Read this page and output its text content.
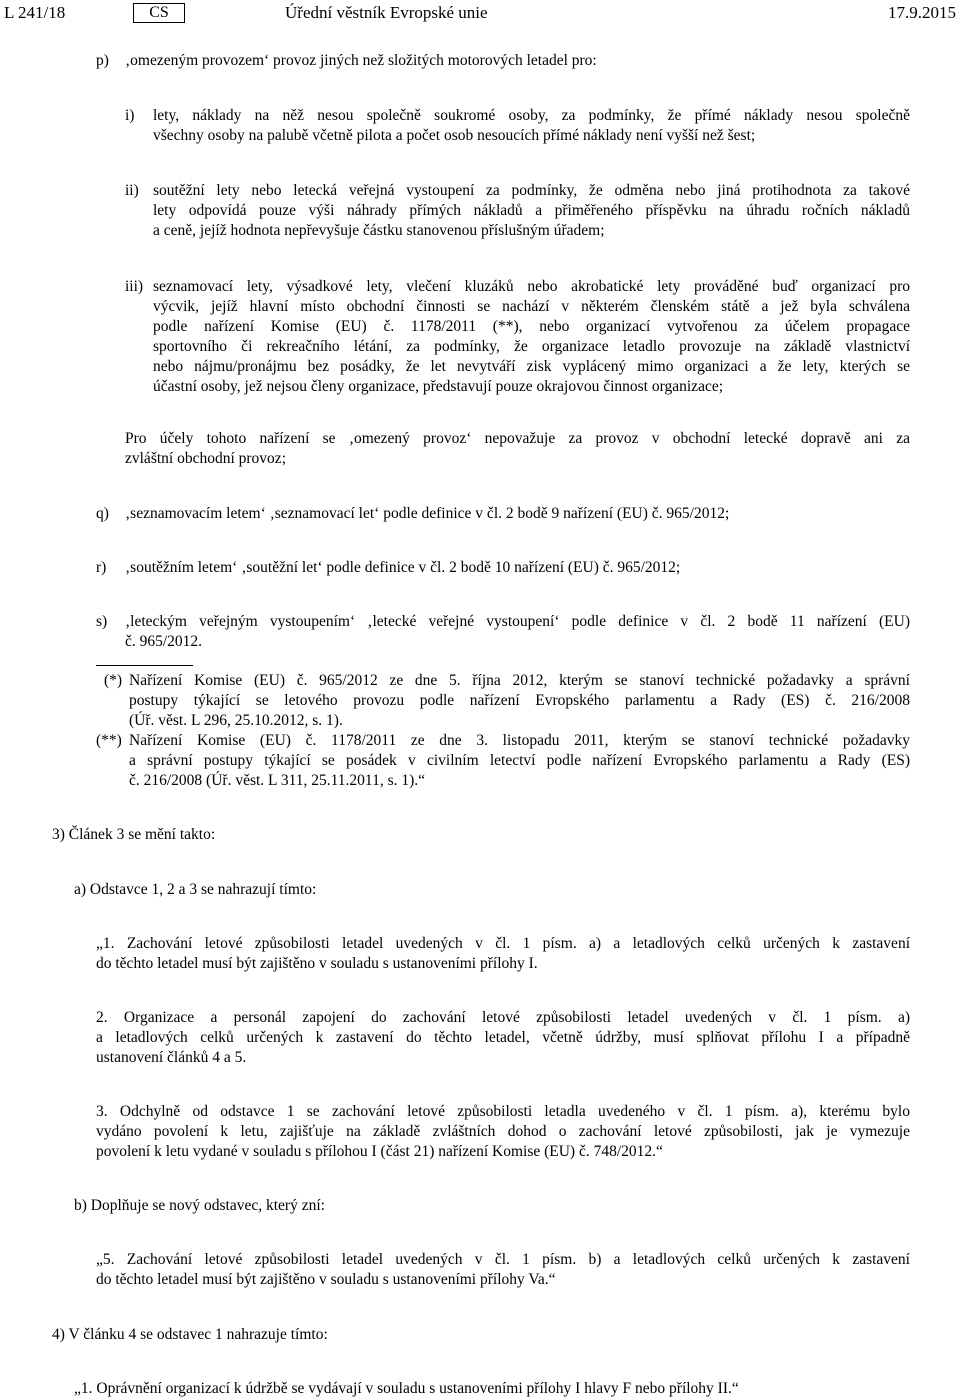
L 241/18	CS	Úřední věstník Evropské unie	17.9.2015
p) ‚omezeným provozem‘ provoz jiných než složitých motorových letadel pro:
i) lety, náklady na něž nesou společně soukromé osoby, za podmínky, že přímé náklady nesou společně
všechny osoby na palubě včetně pilota a počet osob nesoucích přímé náklady není vyšší než šest;
ii) soutěžní lety nebo letecká veřejná vystoupení za podmínky, že odměna nebo jiná protihodnota za takové
lety odpovídá pouze výši náhrady přímých nákladů a přiměřeného příspěvku na úhradu ročních nákladů
a ceně, jejíž hodnota nepřevyšuje částku stanovenou příslušným úřadem;
iii) seznamovací lety, výsadkové lety, vlečení kluzáků nebo akrobatické lety prováděné buď organizací pro
výcvik, jejíž hlavní místo obchodní činnosti se nachází v některém členském státě a jež byla schválena
podle nařízení Komise (EU) č. 1178/2011 (**), nebo organizací vytvořenou za účelem propagace
sportovního či rekreačního létání, za podmínky, že organizace letadlo provozuje na základě vlastnictví
nebo nájmu/pronájmu bez posádky, že let nevytváří zisk vyplácený mimo organizaci a že lety, kterých se
účastní osoby, jež nejsou členy organizace, představují pouze okrajovou činnost organizace;
Pro účely tohoto nařízení se ‚omezený provoz‘ nepovažuje za provoz v obchodní letecké dopravě ani za
zvláštní obchodní provoz;
q) ‚seznamovacím letem‘ ‚seznamovací let‘ podle definice v čl. 2 bodě 9 nařízení (EU) č. 965/2012;
r) ‚soutěžním letem‘ ‚soutěžní let‘ podle definice v čl. 2 bodě 10 nařízení (EU) č. 965/2012;
s) ‚leteckým veřejným vystoupením‘ ‚letecké veřejné vystoupení‘ podle definice v čl. 2 bodě 11 nařízení (EU)
č. 965/2012.
(*) Nařízení Komise (EU) č. 965/2012 ze dne 5. října 2012, kterým se stanoví technické požadavky a správní
postupy týkající se letového provozu podle nařízení Evropského parlamentu a Rady (ES) č. 216/2008
(Úř. věst. L 296, 25.10.2012, s. 1).
(**) Nařízení Komise (EU) č. 1178/2011 ze dne 3. listopadu 2011, kterým se stanoví technické požadavky
a správní postupy týkající se posádek v civilním letectví podle nařízení Evropského parlamentu a Rady (ES)
č. 216/2008 (Úř. věst. L 311, 25.11.2011, s. 1).“
3) Článek 3 se mění takto:
a) Odstavce 1, 2 a 3 se nahrazují tímto:
„1. Zachování letové způsobilosti letadel uvedených v čl. 1 písm. a) a letadlových celků určených k zastavení
do těchto letadel musí být zajištěno v souladu s ustanoveními přílohy I.
2. Organizace a personál zapojení do zachování letové způsobilosti letadel uvedených v čl. 1 písm. a)
a letadlových celků určených k zastavení do těchto letadel, včetně údržby, musí splňovat přílohu I a případně
ustanovení článků 4 a 5.
3. Odchylně od odstavce 1 se zachování letové způsobilosti letadla uvedeného v čl. 1 písm. a), kterému bylo
vydáno povolení k letu, zajišťuje na základě zvláštních dohod o zachování letové způsobilosti, jak je vymezuje
povolení k letu vydané v souladu s přílohou I (část 21) nařízení Komise (EU) č. 748/2012.“
b) Doplňuje se nový odstavec, který zní:
„5. Zachování letové způsobilosti letadel uvedených v čl. 1 písm. b) a letadlových celků určených k zastavení
do těchto letadel musí být zajištěno v souladu s ustanoveními přílohy Va.“
4) V článku 4 se odstavec 1 nahrazuje tímto:
„1. Oprávnění organizací k údržbě se vydávají v souladu s ustanoveními přílohy I hlavy F nebo přílohy II.“
